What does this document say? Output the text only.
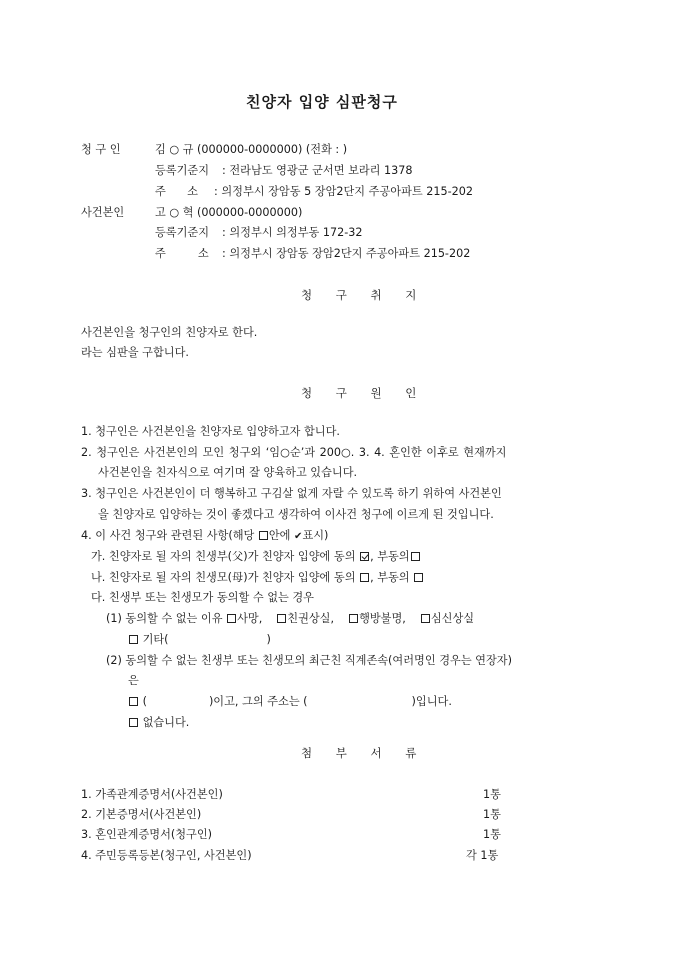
친양자 입양 심판청구
청 구 인	김 ○ 규 (000000-0000000) (전화 : )
등록기준지 : 전라남도 영광군 군서면 보라리 1378
주      소 : 의정부시 장암동 5 장암2단지 주공아파트 215-202
사건본인	고 ○ 혁 (000000-0000000)
등록기준지 : 의정부시 의정부동 172-32
주         소 : 의정부시 장암동 장암2단지 주공아파트 215-202
청 구 취 지
사건본인을 청구인의 친양자로 한다.
라는 심판을 구합니다.
청 구 원 인
1. 청구인은 사건본인을 친양자로 입양하고자 합니다.
2. 청구인은 사건본인의 모인 청구외 ‘임○순’과 200○. 3. 4. 혼인한 이후로 현재까지
사건본인을 친자식으로 여기며 잘 양육하고 있습니다.
3. 청구인은 사건본인이 더 행복하고 구김살 없게 자랄 수 있도록 하기 위하여 사건본인
을 친양자로 입양하는 것이 좋겠다고 생각하여 이사건 청구에 이르게 된 것입니다.
4. 이 사건 청구와 관련된 사항(해당 안에 ✔표시)
가. 친양자로 될 자의 친생부(父)가 친양자 입양에 동의 , 부동의
나. 친양자로 될 자의 친생모(母)가 친양자 입양에 동의 , 부동의
다. 친생부 또는 친생모가 동의할 수 없는 경우
(1) 동의할 수 없는 이유 사망, 친권상실, 행방불명, 심신상실
기타(	)
(2) 동의할 수 없는 친생부 또는 친생모의 최근친 직계존속(여러명인 경우는 연장자)
은
(	)이고, 그의 주소는 (	)입니다.
없습니다.
첨 부 서 류
1. 가족관계증명서(사건본인)	1통
2. 기본증명서(사건본인)	1통
3. 혼인관계증명서(청구인)	1통
4. 주민등록등본(청구인, 사건본인)	각 1통
